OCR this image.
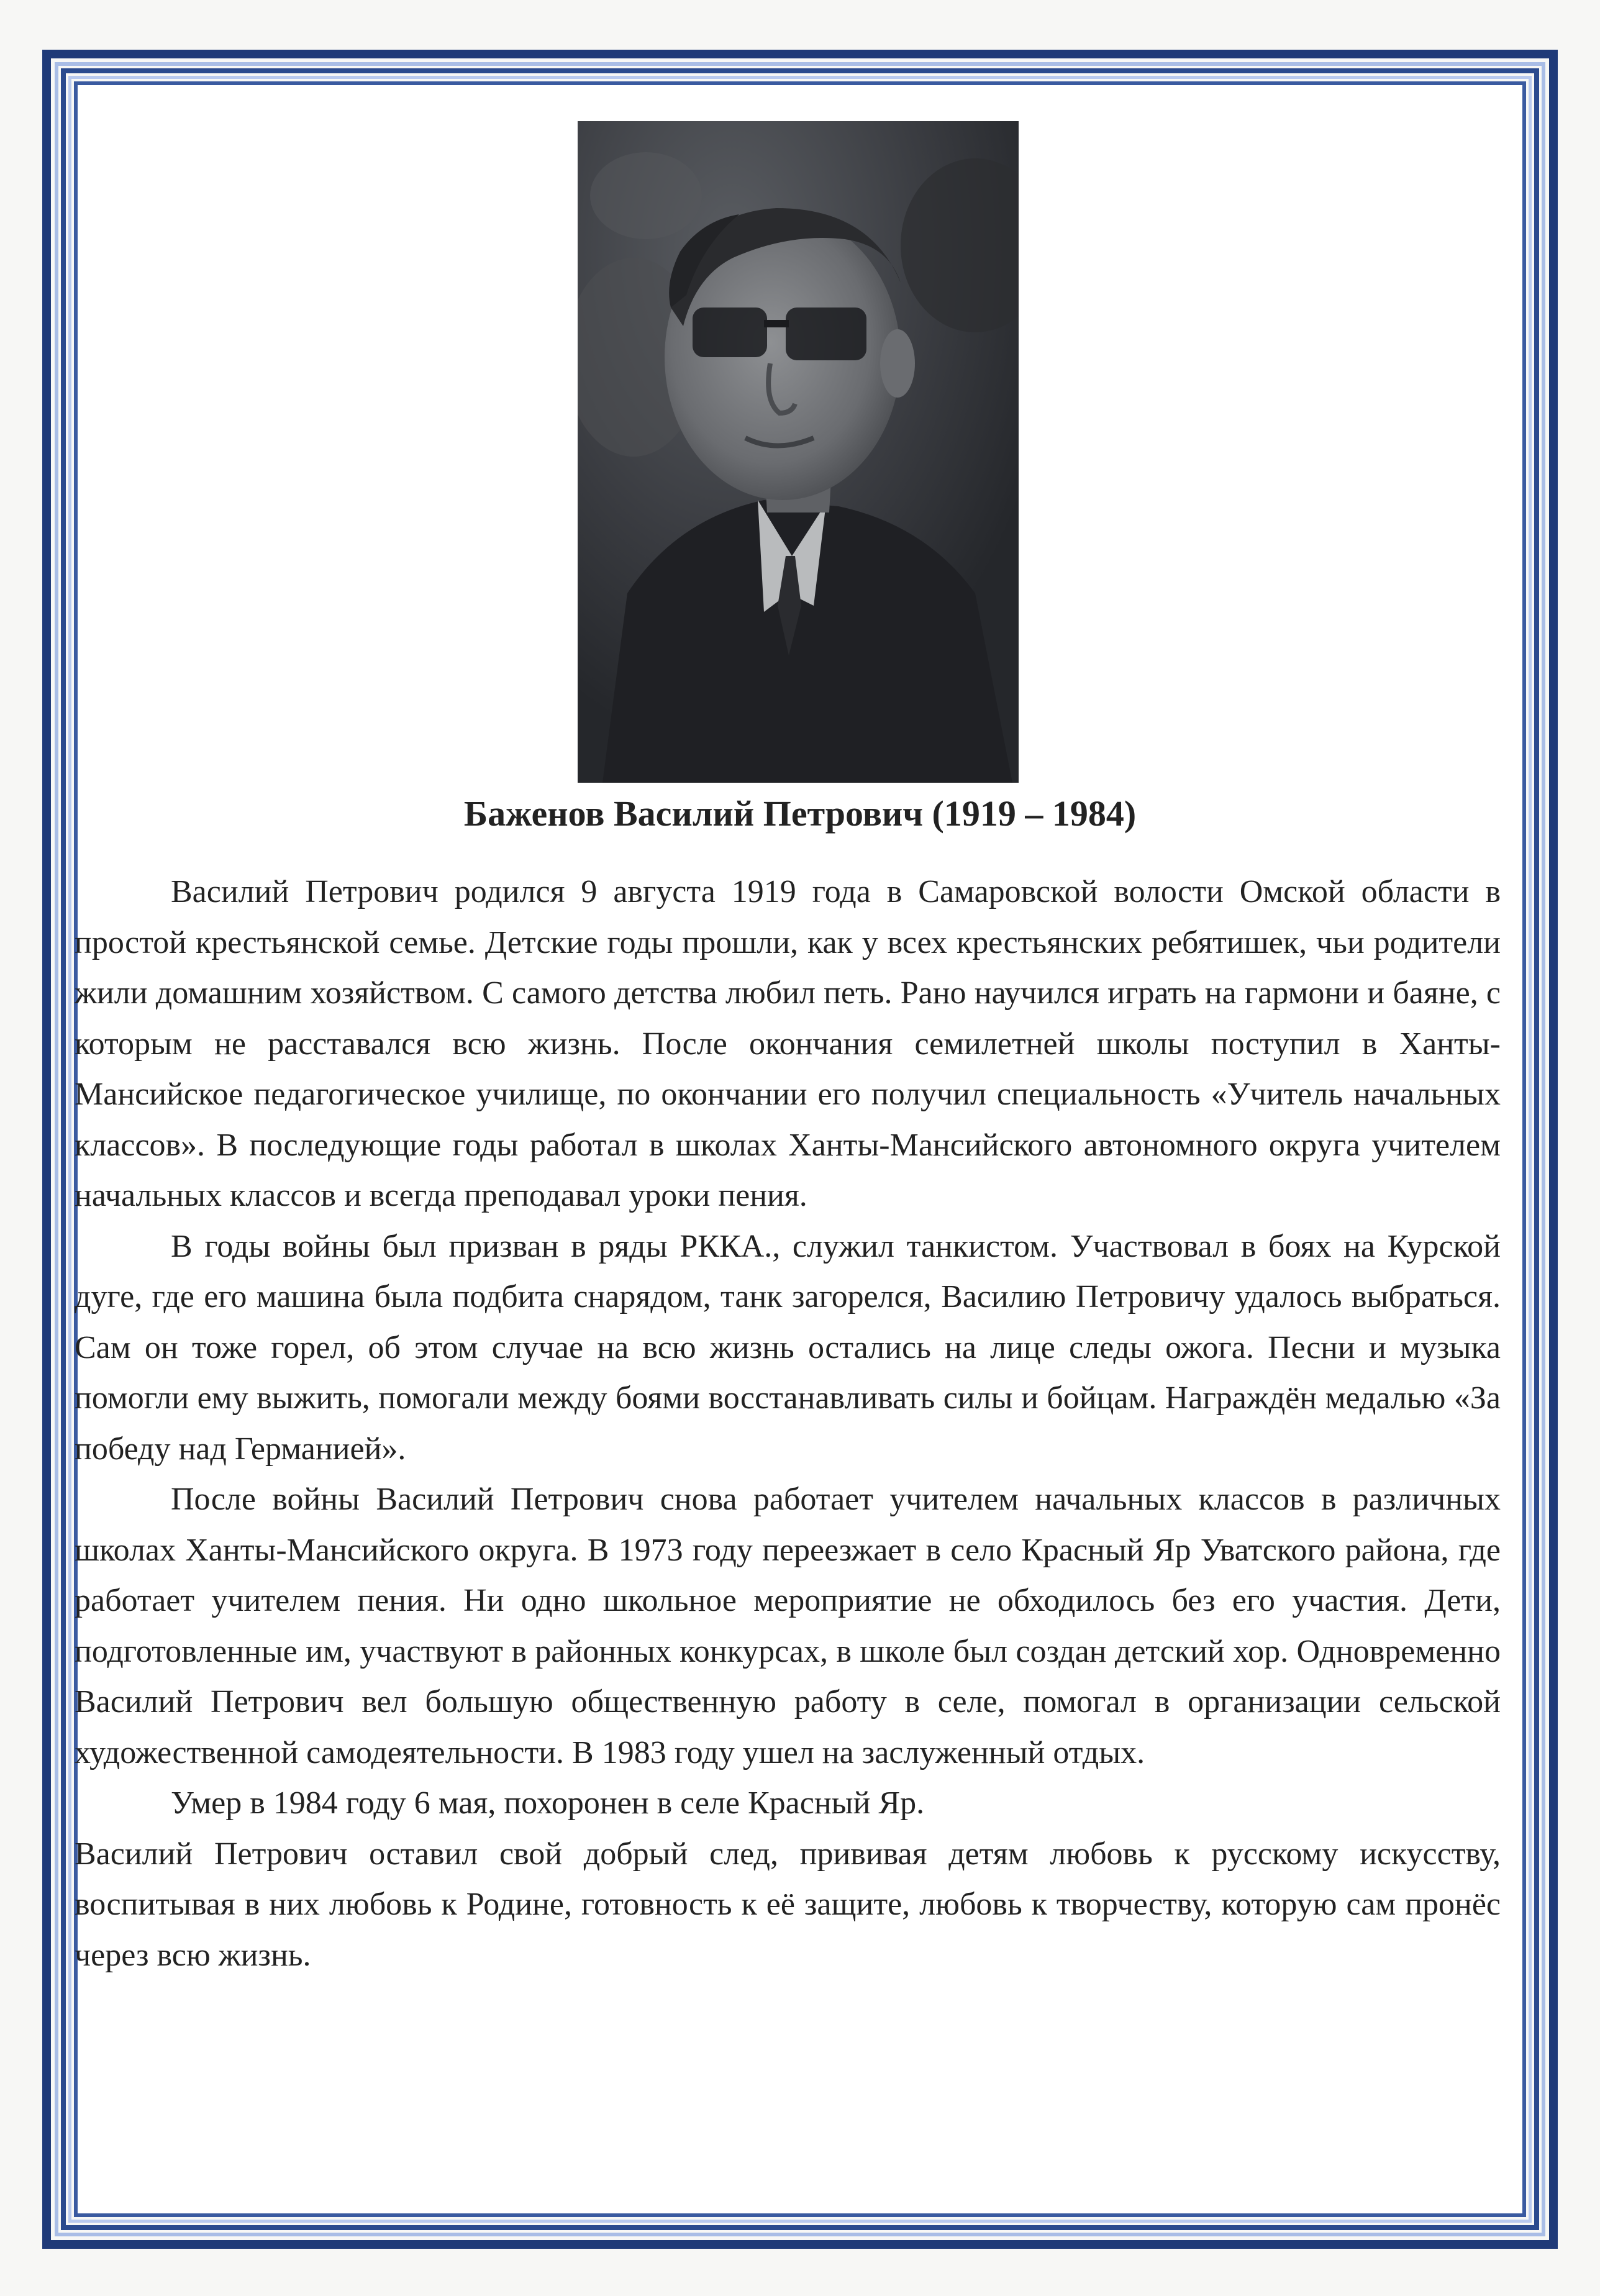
Баженов Василий Петрович (1919 – 1984)

Василий Петрович родился 9 августа 1919 года в Самаровской волости Омской области в простой крестьянской семье. Детские годы прошли, как у всех крестьянских ребятишек, чьи родители жили домашним хозяйством. С самого детства любил петь. Рано научился играть на гармони и баяне, с которым не расставался всю жизнь. После окончания семилетней школы поступил в Ханты-Мансийское педагогическое училище, по окончании его получил специальность «Учитель начальных классов». В последующие годы работал в школах Ханты-Мансийского автономного округа учителем начальных классов и всегда преподавал уроки пения.

В годы войны был призван в ряды РККА., служил танкистом. Участвовал в боях на Курской дуге, где его машина была подбита снарядом, танк загорелся, Василию Петровичу удалось выбраться. Сам он тоже горел, об этом случае на всю жизнь остались на лице следы ожога. Песни и музыка помогли ему выжить, помогали между боями восстанавливать силы и бойцам. Награждён медалью «За победу над Германией».

После войны Василий Петрович снова работает учителем начальных классов в различных школах Ханты-Мансийского округа. В 1973 году переезжает в село Красный Яр Уватского района, где работает учителем пения. Ни одно школьное мероприятие не обходилось без его участия. Дети, подготовленные им, участвуют в районных конкурсах, в школе был создан детский хор. Одновременно Василий Петрович вел большую общественную работу в селе, помогал в организации сельской художественной самодеятельности. В 1983 году ушел на заслуженный отдых.

Умер в 1984 году 6 мая, похоронен в селе Красный Яр.

Василий Петрович оставил свой добрый след, прививая детям любовь к русскому искусству, воспитывая в них любовь к Родине, готовность к её защите, любовь к творчеству, которую сам пронёс через всю жизнь.
